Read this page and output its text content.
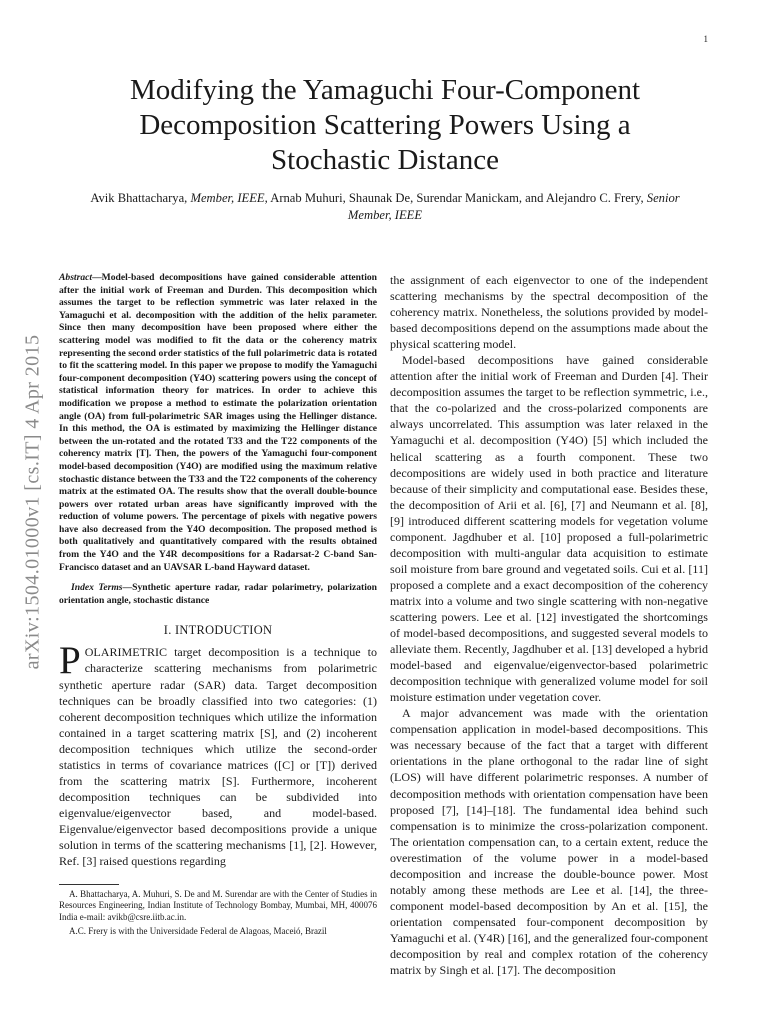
1
arXiv:1504.01000v1 [cs.IT] 4 Apr 2015
Modifying the Yamaguchi Four-Component Decomposition Scattering Powers Using a Stochastic Distance
Avik Bhattacharya, Member, IEEE, Arnab Muhuri, Shaunak De, Surendar Manickam, and Alejandro C. Frery, Senior Member, IEEE

Abstract—Model-based decompositions have gained considerable attention after the initial work of Freeman and Durden. This decomposition which assumes the target to be reflection symmetric was later relaxed in the Yamaguchi et al. decomposition with the addition of the helix parameter. Since then many decomposition have been proposed where either the scattering model was modified to fit the data or the coherency matrix representing the second order statistics of the full polarimetric data is rotated to fit the scattering model. In this paper we propose to modify the Yamaguchi four-component decomposition (Y4O) scattering powers using the concept of statistical information theory for matrices. In order to achieve this modification we propose a method to estimate the polarization orientation angle (OA) from full-polarimetric SAR images using the Hellinger distance. In this method, the OA is estimated by maximizing the Hellinger distance between the un-rotated and the rotated T33 and the T22 components of the coherency matrix [T]. Then, the powers of the Yamaguchi four-component model-based decomposition (Y4O) are modified using the maximum relative stochastic distance between the T33 and the T22 components of the coherency matrix at the estimated OA. The results show that the overall double-bounce powers over rotated urban areas have significantly improved with the reduction of volume powers. The percentage of pixels with negative powers have also decreased from the Y4O decomposition. The proposed method is both qualitatively and quantitatively compared with the results obtained from the Y4O and the Y4R decompositions for a Radarsat-2 C-band San-Francisco dataset and an UAVSAR L-band Hayward dataset.

Index Terms—Synthetic aperture radar, radar polarimetry, polarization orientation angle, stochastic distance

I. INTRODUCTION

POLARIMETRIC target decomposition is a technique to characterize scattering mechanisms from polarimetric synthetic aperture radar (SAR) data. Target decomposition techniques can be broadly classified into two categories: (1) coherent decomposition techniques which utilize the information contained in a target scattering matrix [S], and (2) incoherent decomposition techniques which utilize the second-order statistics in terms of covariance matrices ([C] or [T]) derived from the scattering matrix [S]. Furthermore, incoherent decomposition techniques can be subdivided into eigenvalue/eigenvector based, and model-based. Eigenvalue/eigenvector based decompositions provide a unique solution in terms of the scattering mechanisms [1], [2]. However, Ref. [3] raised questions regarding

A. Bhattacharya, A. Muhuri, S. De and M. Surendar are with the Center of Studies in Resources Engineering, Indian Institute of Technology Bombay, Mumbai, MH, 400076 India e-mail: avikb@csre.iitb.ac.in.

A.C. Frery is with the Universidade Federal de Alagoas, Maceió, Brazil

the assignment of each eigenvector to one of the independent scattering mechanisms by the spectral decomposition of the coherency matrix. Nonetheless, the solutions provided by model-based decompositions depend on the assumptions made about the physical scattering model.

Model-based decompositions have gained considerable attention after the initial work of Freeman and Durden [4]. Their decomposition assumes the target to be reflection symmetric, i.e., that the co-polarized and the cross-polarized components are always uncorrelated. This assumption was later relaxed in the Yamaguchi et al. decomposition (Y4O) [5] which included the helical scattering as a fourth component. These two decompositions are widely used in both practice and literature because of their simplicity and computational ease. Besides these, the decomposition of Arii et al. [6], [7] and Neumann et al. [8], [9] introduced different scattering models for vegetation volume component. Jagdhuber et al. [10] proposed a full-polarimetric decomposition with multi-angular data acquisition to estimate soil moisture from bare ground and vegetated soils. Cui et al. [11] proposed a complete and a exact decomposition of the coherency matrix into a volume and two single scattering with non-negative scattering powers. Lee et al. [12] investigated the shortcomings of model-based decompositions, and suggested several models to alleviate them. Recently, Jagdhuber et al. [13] developed a hybrid model-based and eigenvalue/eigenvector-based polarimetric decomposition technique with generalized volume model for soil moisture estimation under vegetation cover.

A major advancement was made with the orientation compensation application in model-based decompositions. This was necessary because of the fact that a target with different orientations in the plane orthogonal to the radar line of sight (LOS) will have different polarimetric responses. A number of decomposition methods with orientation compensation have been proposed [7], [14]–[18]. The fundamental idea behind such compensation is to minimize the cross-polarization component. The orientation compensation can, to a certain extent, reduce the overestimation of the volume power in a model-based decomposition and increase the double-bounce power. Most notably among these methods are Lee et al. [14], the three-component model-based decomposition by An et al. [15], the orientation compensated four-component decomposition by Yamaguchi et al. (Y4R) [16], and the generalized four-component decomposition by real and complex rotation of the coherency matrix by Singh et al. [17]. The decomposition
